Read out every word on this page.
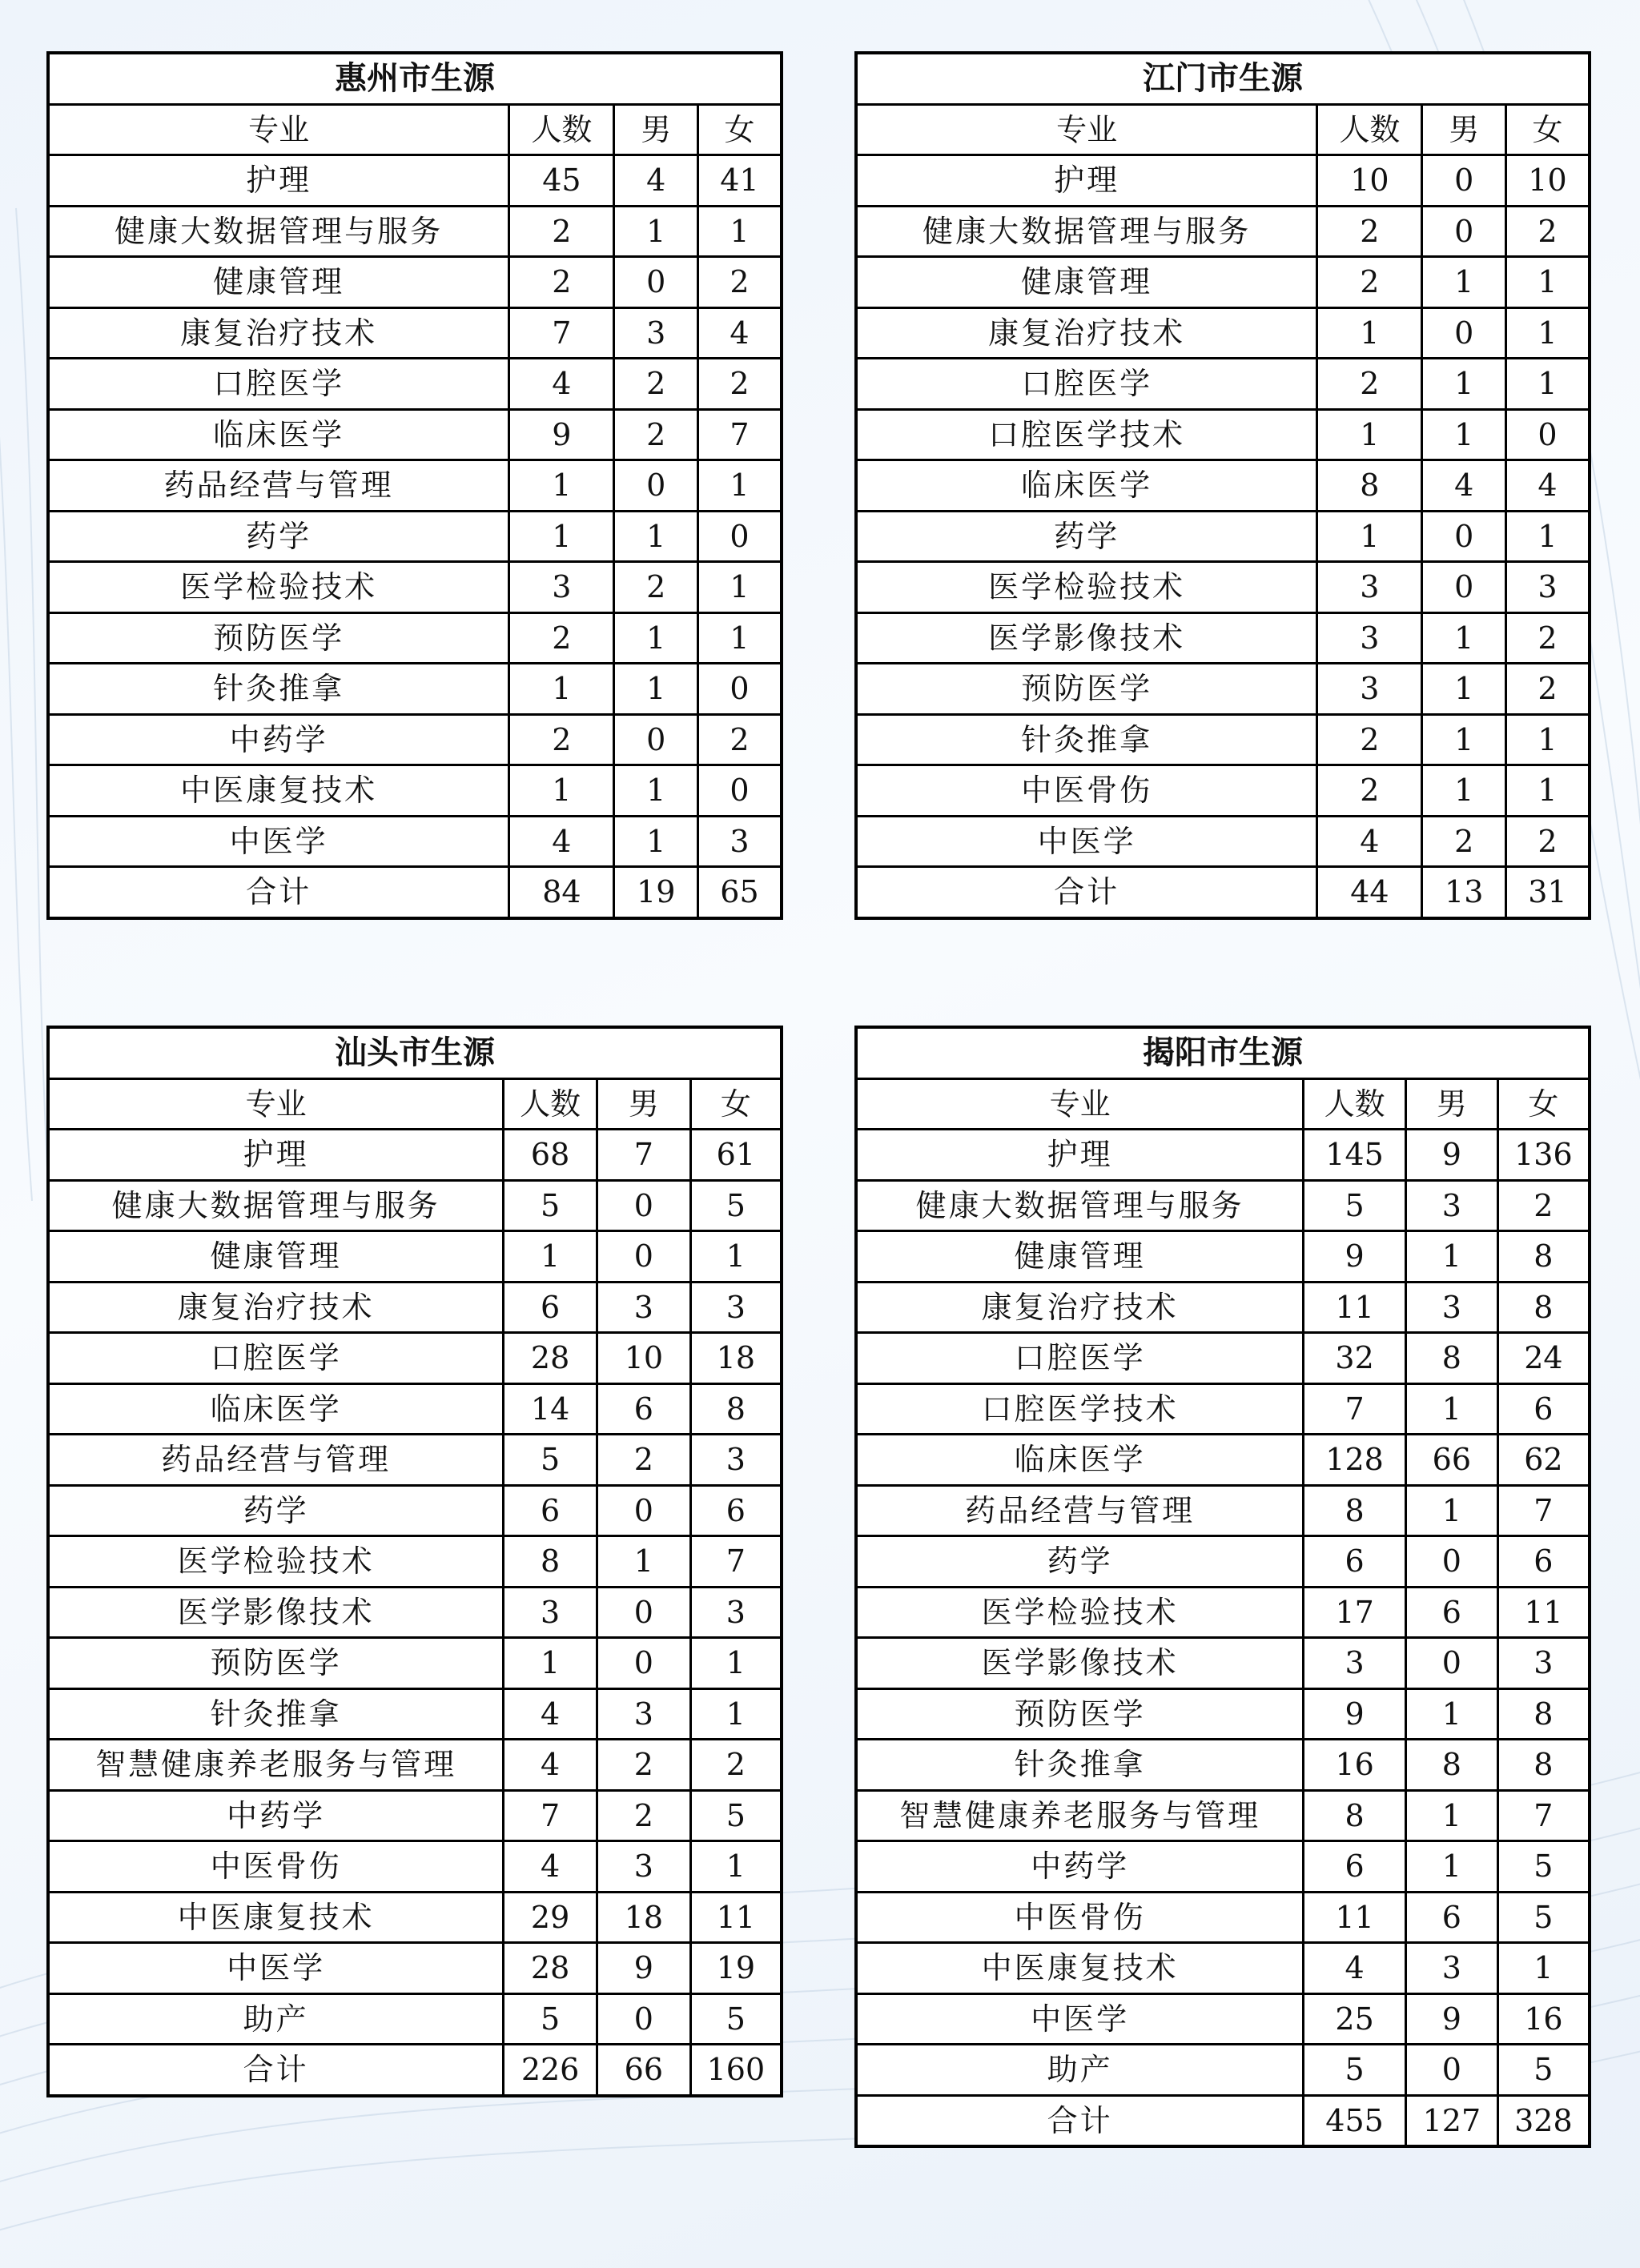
惠州市生源			
专业	人数	男	女
护理	45	4	41
健康大数据管理与服务	2	1	1
健康管理	2	0	2
康复治疗技术	7	3	4
口腔医学	4	2	2
临床医学	9	2	7
药品经营与管理	1	0	1
药学	1	1	0
医学检验技术	3	2	1
预防医学	2	1	1
针灸推拿	1	1	0
中药学	2	0	2
中医康复技术	1	1	0
中医学	4	1	3
合计	84	19	65
江门市生源			
专业	人数	男	女
护理	10	0	10
健康大数据管理与服务	2	0	2
健康管理	2	1	1
康复治疗技术	1	0	1
口腔医学	2	1	1
口腔医学技术	1	1	0
临床医学	8	4	4
药学	1	0	1
医学检验技术	3	0	3
医学影像技术	3	1	2
预防医学	3	1	2
针灸推拿	2	1	1
中医骨伤	2	1	1
中医学	4	2	2
合计	44	13	31
汕头市生源			
专业	人数	男	女
护理	68	7	61
健康大数据管理与服务	5	0	5
健康管理	1	0	1
康复治疗技术	6	3	3
口腔医学	28	10	18
临床医学	14	6	8
药品经营与管理	5	2	3
药学	6	0	6
医学检验技术	8	1	7
医学影像技术	3	0	3
预防医学	1	0	1
针灸推拿	4	3	1
智慧健康养老服务与管理	4	2	2
中药学	7	2	5
中医骨伤	4	3	1
中医康复技术	29	18	11
中医学	28	9	19
助产	5	0	5
合计	226	66	160
揭阳市生源			
专业	人数	男	女
护理	145	9	136
健康大数据管理与服务	5	3	2
健康管理	9	1	8
康复治疗技术	11	3	8
口腔医学	32	8	24
口腔医学技术	7	1	6
临床医学	128	66	62
药品经营与管理	8	1	7
药学	6	0	6
医学检验技术	17	6	11
医学影像技术	3	0	3
预防医学	9	1	8
针灸推拿	16	8	8
智慧健康养老服务与管理	8	1	7
中药学	6	1	5
中医骨伤	11	6	5
中医康复技术	4	3	1
中医学	25	9	16
助产	5	0	5
合计	455	127	328
